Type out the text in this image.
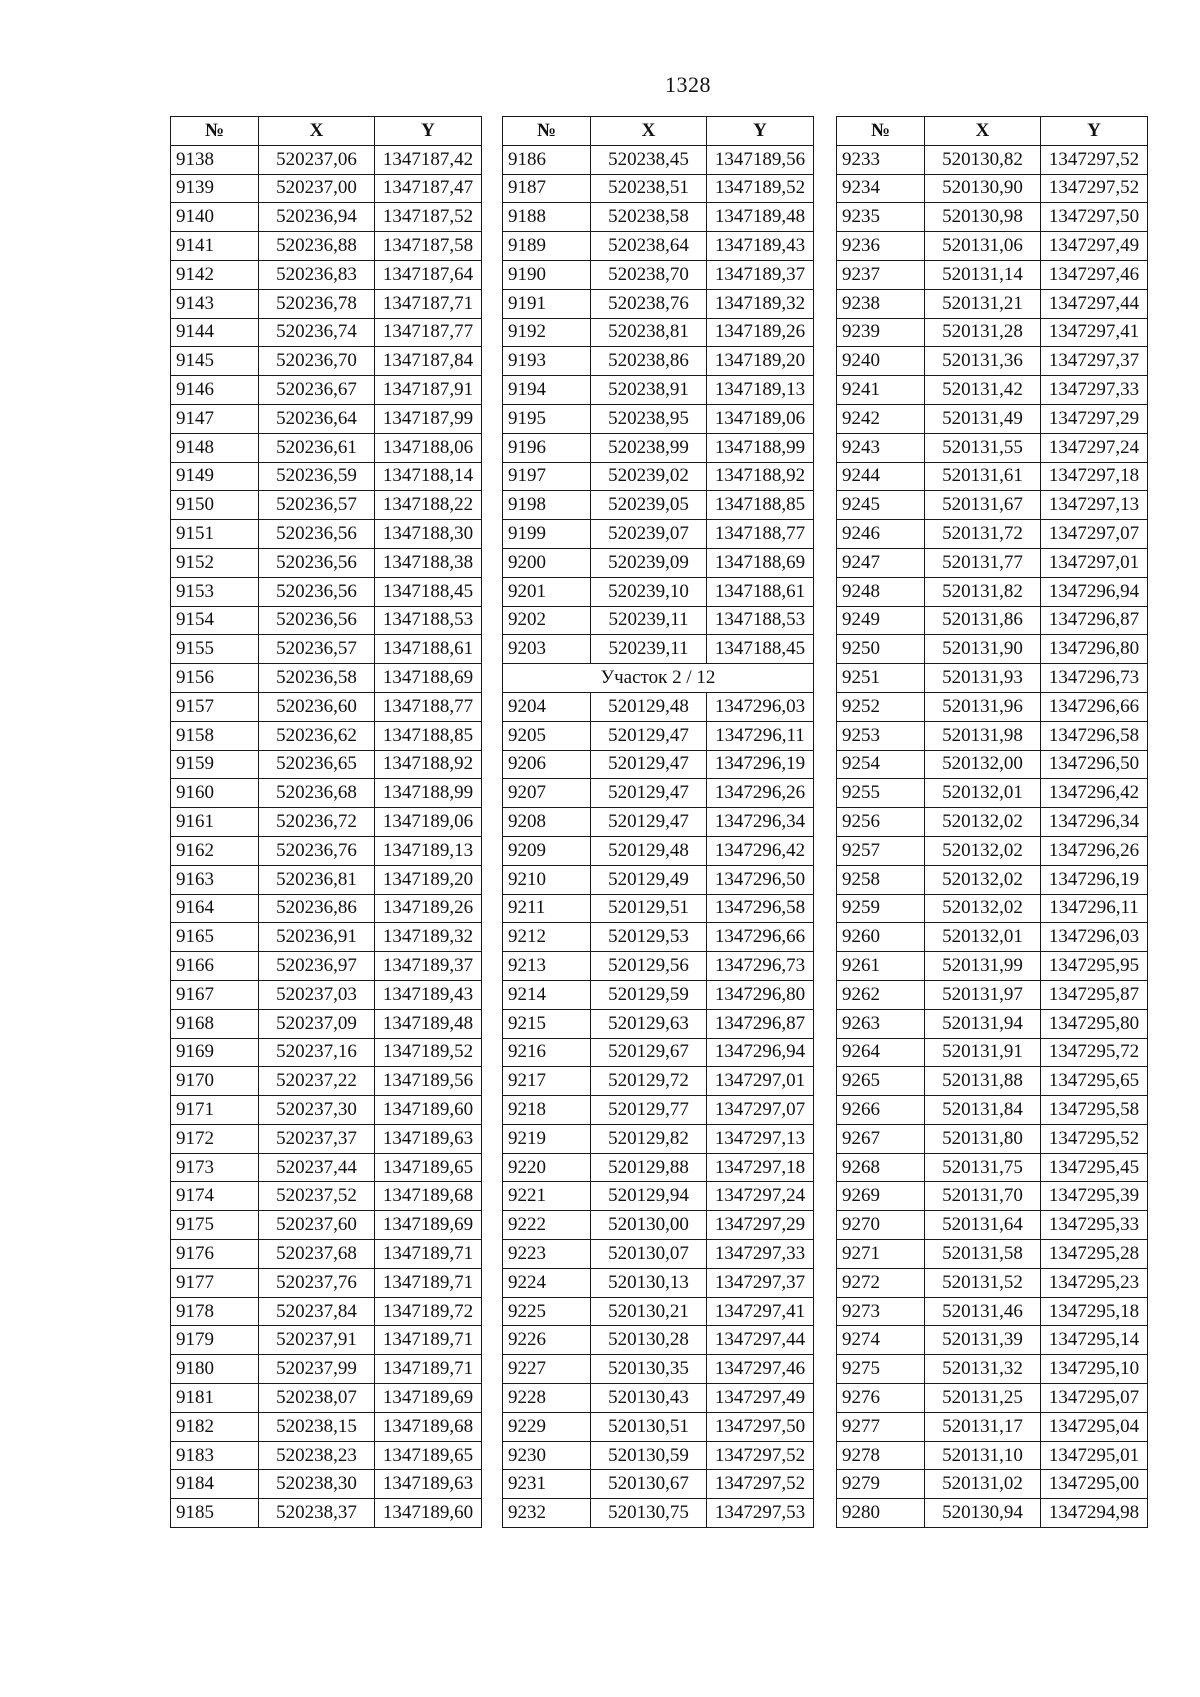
1328
№	X	Y
9138	520237,06	1347187,42
9139	520237,00	1347187,47
9140	520236,94	1347187,52
9141	520236,88	1347187,58
9142	520236,83	1347187,64
9143	520236,78	1347187,71
9144	520236,74	1347187,77
9145	520236,70	1347187,84
9146	520236,67	1347187,91
9147	520236,64	1347187,99
9148	520236,61	1347188,06
9149	520236,59	1347188,14
9150	520236,57	1347188,22
9151	520236,56	1347188,30
9152	520236,56	1347188,38
9153	520236,56	1347188,45
9154	520236,56	1347188,53
9155	520236,57	1347188,61
9156	520236,58	1347188,69
9157	520236,60	1347188,77
9158	520236,62	1347188,85
9159	520236,65	1347188,92
9160	520236,68	1347188,99
9161	520236,72	1347189,06
9162	520236,76	1347189,13
9163	520236,81	1347189,20
9164	520236,86	1347189,26
9165	520236,91	1347189,32
9166	520236,97	1347189,37
9167	520237,03	1347189,43
9168	520237,09	1347189,48
9169	520237,16	1347189,52
9170	520237,22	1347189,56
9171	520237,30	1347189,60
9172	520237,37	1347189,63
9173	520237,44	1347189,65
9174	520237,52	1347189,68
9175	520237,60	1347189,69
9176	520237,68	1347189,71
9177	520237,76	1347189,71
9178	520237,84	1347189,72
9179	520237,91	1347189,71
9180	520237,99	1347189,71
9181	520238,07	1347189,69
9182	520238,15	1347189,68
9183	520238,23	1347189,65
9184	520238,30	1347189,63
9185	520238,37	1347189,60
№	X	Y
9186	520238,45	1347189,56
9187	520238,51	1347189,52
9188	520238,58	1347189,48
9189	520238,64	1347189,43
9190	520238,70	1347189,37
9191	520238,76	1347189,32
9192	520238,81	1347189,26
9193	520238,86	1347189,20
9194	520238,91	1347189,13
9195	520238,95	1347189,06
9196	520238,99	1347188,99
9197	520239,02	1347188,92
9198	520239,05	1347188,85
9199	520239,07	1347188,77
9200	520239,09	1347188,69
9201	520239,10	1347188,61
9202	520239,11	1347188,53
9203	520239,11	1347188,45
Участок 2 / 12		
9204	520129,48	1347296,03
9205	520129,47	1347296,11
9206	520129,47	1347296,19
9207	520129,47	1347296,26
9208	520129,47	1347296,34
9209	520129,48	1347296,42
9210	520129,49	1347296,50
9211	520129,51	1347296,58
9212	520129,53	1347296,66
9213	520129,56	1347296,73
9214	520129,59	1347296,80
9215	520129,63	1347296,87
9216	520129,67	1347296,94
9217	520129,72	1347297,01
9218	520129,77	1347297,07
9219	520129,82	1347297,13
9220	520129,88	1347297,18
9221	520129,94	1347297,24
9222	520130,00	1347297,29
9223	520130,07	1347297,33
9224	520130,13	1347297,37
9225	520130,21	1347297,41
9226	520130,28	1347297,44
9227	520130,35	1347297,46
9228	520130,43	1347297,49
9229	520130,51	1347297,50
9230	520130,59	1347297,52
9231	520130,67	1347297,52
9232	520130,75	1347297,53
№	X	Y
9233	520130,82	1347297,52
9234	520130,90	1347297,52
9235	520130,98	1347297,50
9236	520131,06	1347297,49
9237	520131,14	1347297,46
9238	520131,21	1347297,44
9239	520131,28	1347297,41
9240	520131,36	1347297,37
9241	520131,42	1347297,33
9242	520131,49	1347297,29
9243	520131,55	1347297,24
9244	520131,61	1347297,18
9245	520131,67	1347297,13
9246	520131,72	1347297,07
9247	520131,77	1347297,01
9248	520131,82	1347296,94
9249	520131,86	1347296,87
9250	520131,90	1347296,80
9251	520131,93	1347296,73
9252	520131,96	1347296,66
9253	520131,98	1347296,58
9254	520132,00	1347296,50
9255	520132,01	1347296,42
9256	520132,02	1347296,34
9257	520132,02	1347296,26
9258	520132,02	1347296,19
9259	520132,02	1347296,11
9260	520132,01	1347296,03
9261	520131,99	1347295,95
9262	520131,97	1347295,87
9263	520131,94	1347295,80
9264	520131,91	1347295,72
9265	520131,88	1347295,65
9266	520131,84	1347295,58
9267	520131,80	1347295,52
9268	520131,75	1347295,45
9269	520131,70	1347295,39
9270	520131,64	1347295,33
9271	520131,58	1347295,28
9272	520131,52	1347295,23
9273	520131,46	1347295,18
9274	520131,39	1347295,14
9275	520131,32	1347295,10
9276	520131,25	1347295,07
9277	520131,17	1347295,04
9278	520131,10	1347295,01
9279	520131,02	1347295,00
9280	520130,94	1347294,98
